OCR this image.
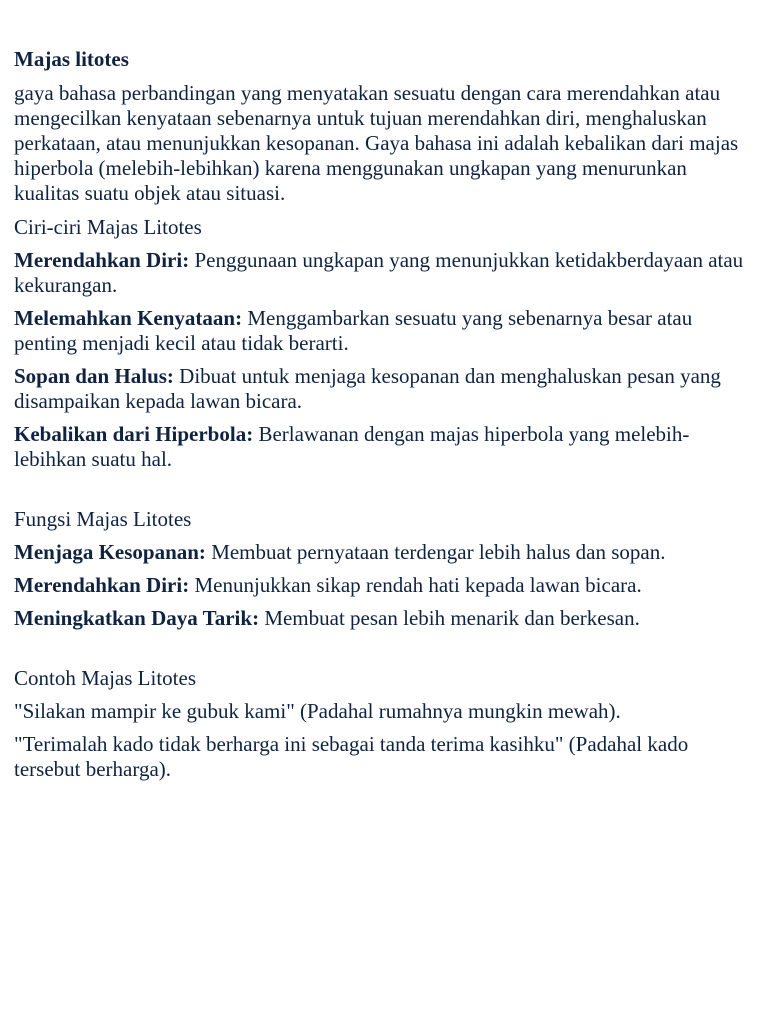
Majas litotes

gaya bahasa perbandingan yang menyatakan sesuatu dengan cara merendahkan atau mengecilkan kenyataan sebenarnya untuk tujuan merendahkan diri, menghaluskan perkataan, atau menunjukkan kesopanan. Gaya bahasa ini adalah kebalikan dari majas hiperbola (melebih-lebihkan) karena menggunakan ungkapan yang menurunkan kualitas suatu objek atau situasi.

Ciri-ciri Majas Litotes

Merendahkan Diri: Penggunaan ungkapan yang menunjukkan ketidakberdayaan atau kekurangan.

Melemahkan Kenyataan: Menggambarkan sesuatu yang sebenarnya besar atau penting menjadi kecil atau tidak berarti.

Sopan dan Halus: Dibuat untuk menjaga kesopanan dan menghaluskan pesan yang disampaikan kepada lawan bicara.

Kebalikan dari Hiperbola: Berlawanan dengan majas hiperbola yang melebih-lebihkan suatu hal.

Fungsi Majas Litotes

Menjaga Kesopanan: Membuat pernyataan terdengar lebih halus dan sopan.

Merendahkan Diri: Menunjukkan sikap rendah hati kepada lawan bicara.

Meningkatkan Daya Tarik: Membuat pesan lebih menarik dan berkesan.

Contoh Majas Litotes

"Silakan mampir ke gubuk kami" (Padahal rumahnya mungkin mewah).

"Terimalah kado tidak berharga ini sebagai tanda terima kasihku" (Padahal kado tersebut berharga).
